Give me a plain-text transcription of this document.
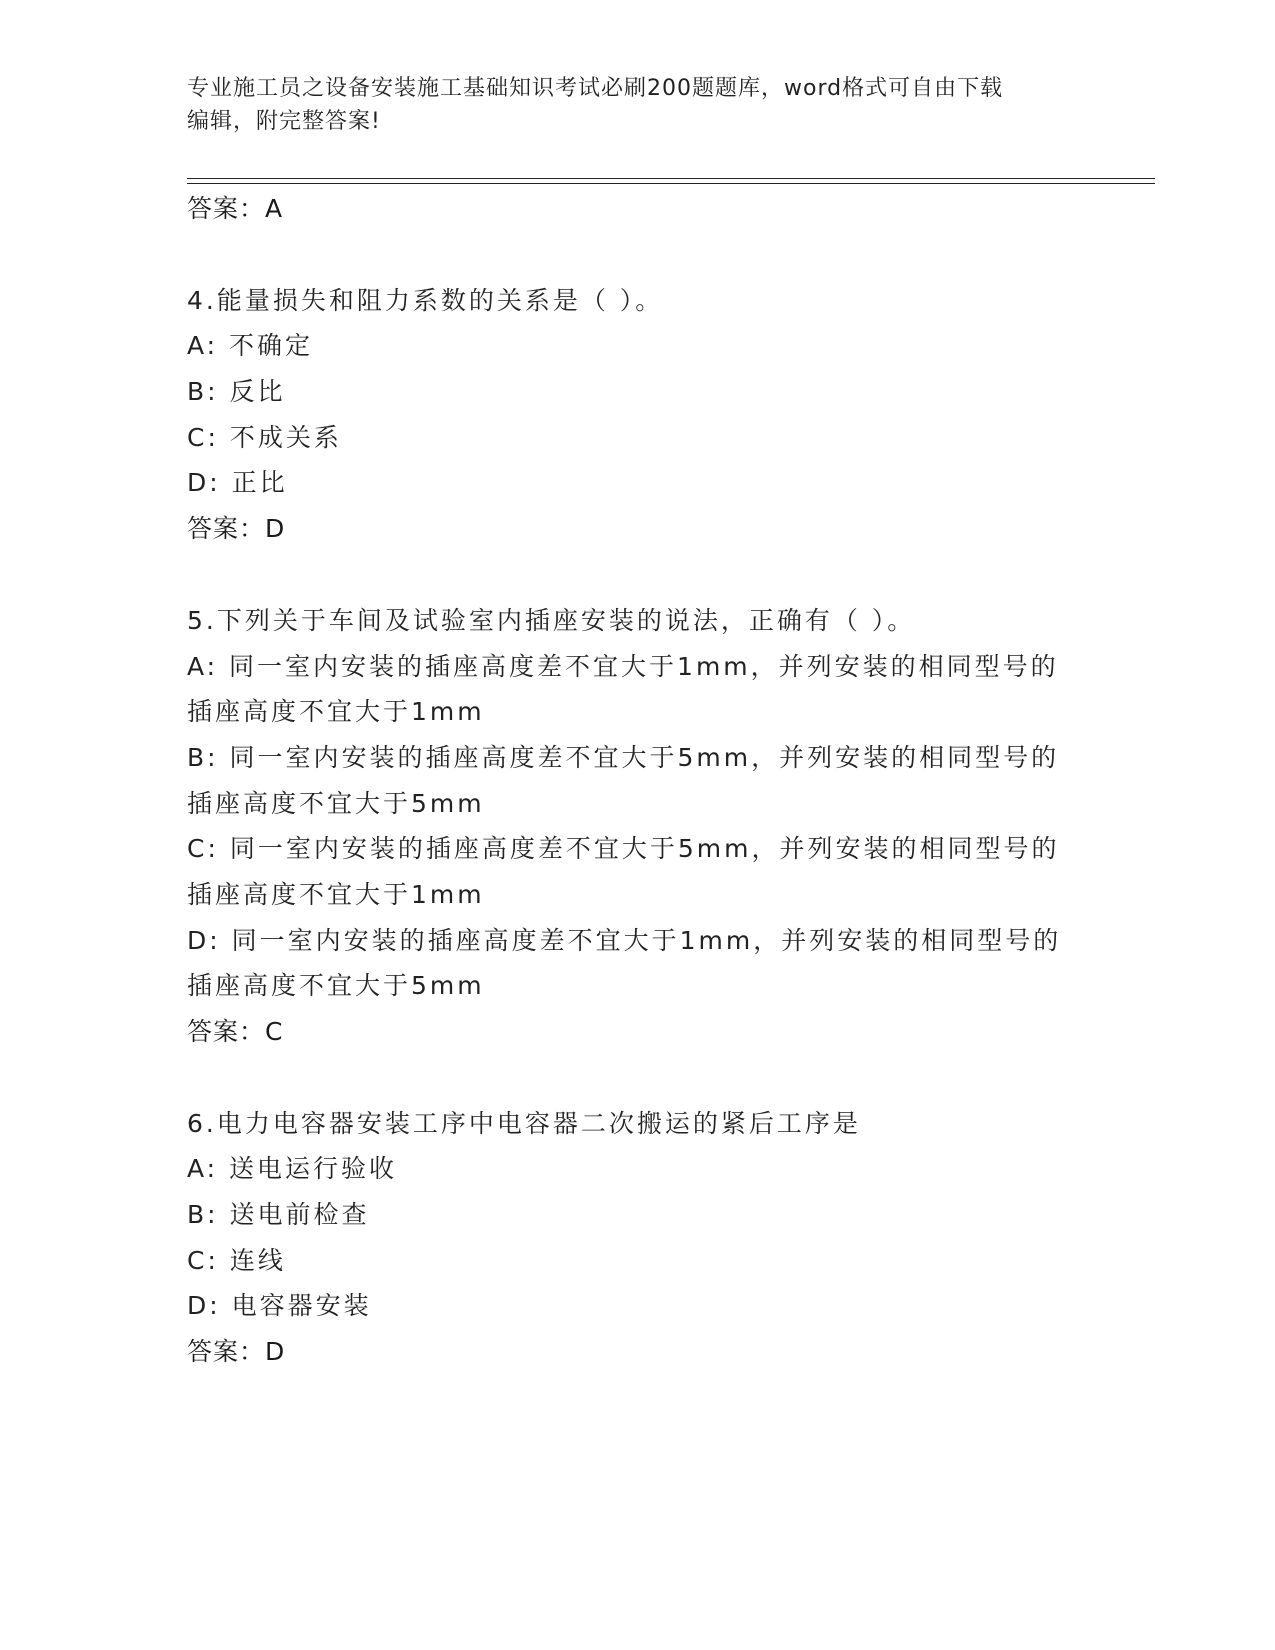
专业施工员之设备安装施工基础知识考试必刷200题题库，word格式可自由下载
编辑，附完整答案!
答案：A
4.能量损失和阻力系数的关系是（ ）。
A: 不确定
B: 反比
C: 不成关系
D: 正比
答案：D
5.下列关于车间及试验室内插座安装的说法，正确有（ ）。
A: 同一室内安装的插座高度差不宜大于1mm，并列安装的相同型号的
插座高度不宜大于1mm
B: 同一室内安装的插座高度差不宜大于5mm，并列安装的相同型号的
插座高度不宜大于5mm
C: 同一室内安装的插座高度差不宜大于5mm，并列安装的相同型号的
插座高度不宜大于1mm
D: 同一室内安装的插座高度差不宜大于1mm，并列安装的相同型号的
插座高度不宜大于5mm
答案：C
6.电力电容器安装工序中电容器二次搬运的紧后工序是
A: 送电运行验收
B: 送电前检查
C: 连线
D: 电容器安装
答案：D
